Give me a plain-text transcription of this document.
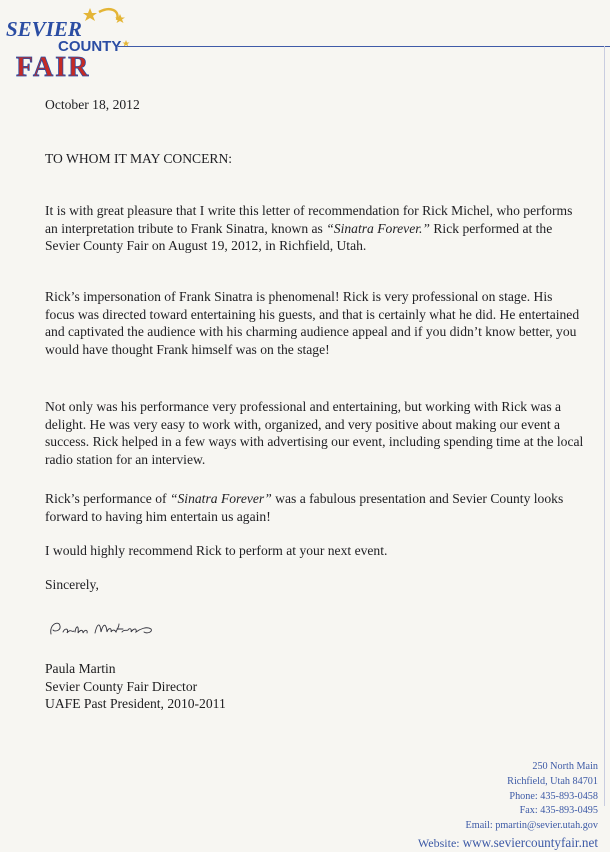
SEVIER
COUNTY
FAIR

October 18, 2012

TO WHOM IT MAY CONCERN:

It is with great pleasure that I write this letter of recommendation for Rick Michel, who performs an interpretation tribute to Frank Sinatra, known as “Sinatra Forever.” Rick performed at the Sevier County Fair on August 19, 2012, in Richfield, Utah.

Rick’s impersonation of Frank Sinatra is phenomenal! Rick is very professional on stage. His focus was directed toward entertaining his guests, and that is certainly what he did. He entertained and captivated the audience with his charming audience appeal and if you didn’t know better, you would have thought Frank himself was on the stage!

Not only was his performance very professional and entertaining, but working with Rick was a delight. He was very easy to work with, organized, and very positive about making our event a success. Rick helped in a few ways with advertising our event, including spending time at the local radio station for an interview.

Rick’s performance of “Sinatra Forever” was a fabulous presentation and Sevier County looks forward to having him entertain us again!

I would highly recommend Rick to perform at your next event.

Sincerely,

Paula Martin
Sevier County Fair Director
UAFE Past President, 2010-2011
250 North Main
Richfield, Utah 84701
Phone: 435-893-0458
Fax: 435-893-0495
Email: pmartin@sevier.utah.gov
Website: www.seviercountyfair.net
